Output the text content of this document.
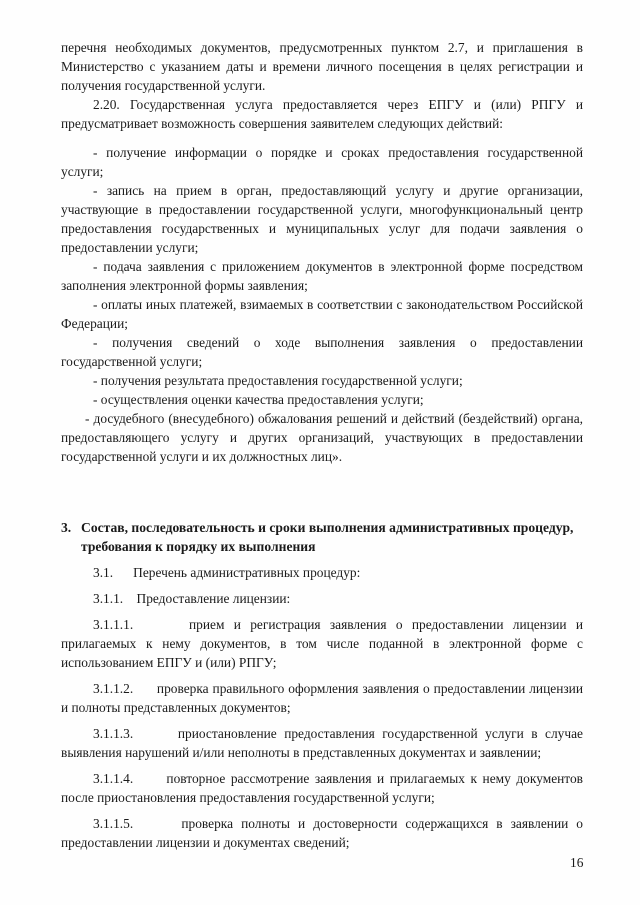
перечня необходимых документов, предусмотренных пунктом 2.7, и приглашения в Министерство с указанием даты и времени личного посещения в целях регистрации и получения государственной услуги.

2.20. Государственная услуга предоставляется через ЕПГУ и (или) РПГУ и предусматривает возможность совершения заявителем следующих действий:

- получение информации о порядке и сроках предоставления государственной услуги;

- запись на прием в орган, предоставляющий услугу и другие организации, участвующие в предоставлении государственной услуги, многофункциональный центр предоставления государственных и муниципальных услуг для подачи заявления о предоставлении услуги;

- подача заявления с приложением документов в электронной форме посредством заполнения электронной формы заявления;

- оплаты иных платежей, взимаемых в соответствии с законодательством Российской Федерации;

- получения сведений о ходе выполнения заявления о предоставлении государственной услуги;

- получения результата предоставления государственной услуги;

- осуществления оценки качества предоставления услуги;

- досудебного (внесудебного) обжалования решений и действий (бездействий) органа, предоставляющего услугу и других организаций, участвующих в предоставлении государственной услуги и их должностных лиц».

3. Состав, последовательность и сроки выполнения административных процедур, требования к порядку их выполнения

3.1.      Перечень административных процедур:

3.1.1.    Предоставление лицензии:

3.1.1.1.      прием и регистрация заявления о предоставлении лицензии и прилагаемых к нему документов, в том числе поданной в электронной форме с использованием ЕПГУ и (или) РПГУ;

3.1.1.2.      проверка правильного оформления заявления о предоставлении лицензии и полноты представленных документов;

3.1.1.3.      приостановление предоставления государственной услуги в случае выявления нарушений и/или неполноты в представленных документах и заявлении;

3.1.1.4.      повторное рассмотрение заявления и прилагаемых к нему документов после приостановления предоставления государственной услуги;

3.1.1.5.      проверка полноты и достоверности содержащихся в заявлении о предоставлении лицензии и документах сведений;

16
